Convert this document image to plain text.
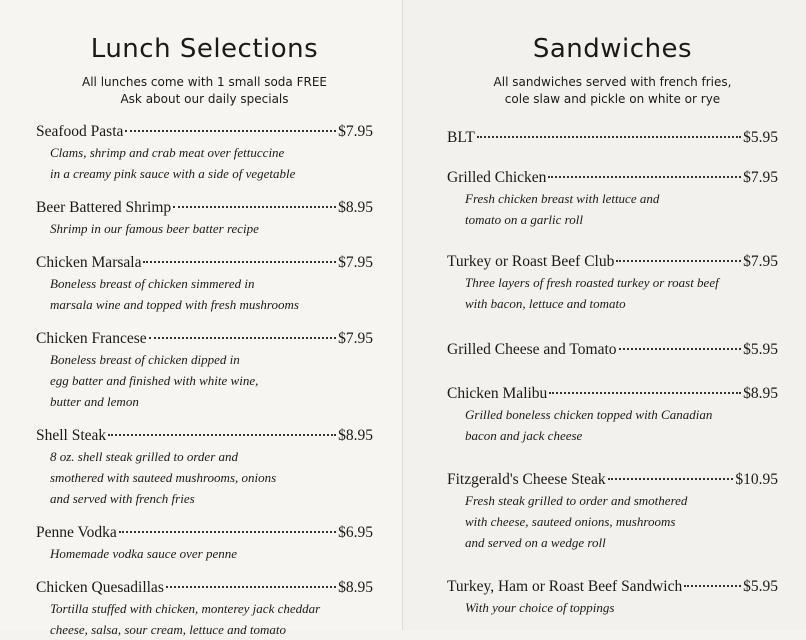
Lunch Selections

All lunches come with 1 small soda FREE
Ask about our daily specials

Seafood Pasta	$7.95
Clams, shrimp and crab meat over fettuccine
in a creamy pink sauce with a side of vegetable
Beer Battered Shrimp	$8.95
Shrimp in our famous beer batter recipe
Chicken Marsala	$7.95
Boneless breast of chicken simmered in
marsala wine and topped with fresh mushrooms
Chicken Francese	$7.95
Boneless breast of chicken dipped in
egg batter and finished with white wine,
butter and lemon
Shell Steak	$8.95
8 oz. shell steak grilled to order and
smothered with sauteed mushrooms, onions
and served with french fries
Penne Vodka	$6.95
Homemade vodka sauce over penne
Chicken Quesadillas	$8.95
Tortilla stuffed with chicken, monterey jack cheddar
cheese, salsa, sour cream, lettuce and tomato
Sandwiches

All sandwiches served with french fries,
cole slaw and pickle on white or rye

BLT	$5.95
Grilled Chicken	$7.95
Fresh chicken breast with lettuce and
tomato on a garlic roll
Turkey or Roast Beef Club	$7.95
Three layers of fresh roasted turkey or roast beef
with bacon, lettuce and tomato
Grilled Cheese and Tomato	$5.95
Chicken Malibu	$8.95
Grilled boneless chicken topped with Canadian
bacon and jack cheese
Fitzgerald's Cheese Steak	$10.95
Fresh steak grilled to order and smothered
with cheese, sauteed onions, mushrooms
and served on a wedge roll
Turkey, Ham or Roast Beef Sandwich	$5.95
With your choice of toppings
